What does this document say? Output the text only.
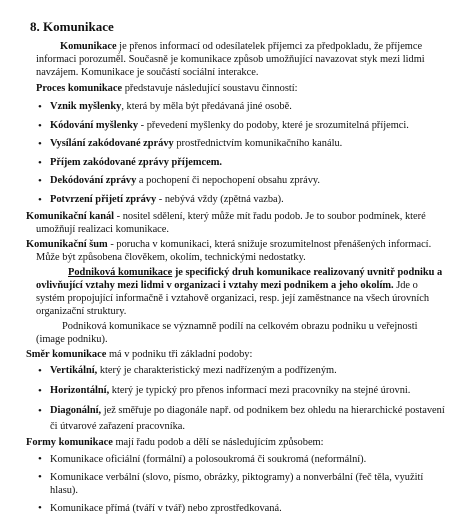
8. Komunikace

Komunikace je přenos informací od odesílatelek příjemci za předpokladu, že příjemce informaci porozumě́l. Současně je komunikace způsob umožňující navazovat styk mezi lidmi navzájem. Komunikace je součástí sociální interakce.

Proces komunikace představuje následující soustavu činností:

• Vznik myšlenky, která by měla být předávaná jiné osobě.
• Kódování myšlenky - převedení myšlenky do podoby, které je srozumitelná příjemci.
• Vysílání zakódované zprávy prostřednictvím komunikačního kanálu.
• Příjem zakódované zprávy příjemcem.
• Dekódování zprávy a pochopení či nepochopení obsahu zprávy.
• Potvrzení přijetí zprávy - nebývá vždy (zpětná vazba).

Komunikační kanál - nositel sdělení, který může mít řadu podob. Je to soubor podmínek, které umožňují realizaci komunikace.

Komunikační šum - porucha v komunikaci, která snižuje srozumitelnost přenášených informací. Může být způsobena člověkem, okolím, technickými nedostatky.

Podniková komunikace je specifický druh komunikace realizovaný uvnitř podniku a ovlivňující vztahy mezi lidmi v organizaci i vztahy mezi podnikem a jeho okolím. Jde o systém propojující informačně i vztahově organizaci, resp. její zaměstnance na všech úrovních organizační struktury.

Podniková komunikace se významně podílí na celkovém obrazu podniku u veřejnosti (image podniku).

Směr komunikace má v podniku tři základní podoby:

• Vertikální, který je charakteristický mezi nadřízeným a podřízeným.
• Horizontální, který je typický pro přenos informací mezi pracovníky na stejné úrovni.
• Diagonální, jež směřuje po diagonále např. od podnikem bez ohledu na hierarchické postavení či útvarové zařazení pracovníka.

Formy komunikace mají řadu podob a dělí se následujícím způsobem:

• Komunikace oficiální (formální) a polosoukromá či soukromá (neformální).
• Komunikace verbální (slovo, písmo, obrázky, piktogramy) a nonverbální (řeč těla, využití hlasu).
• Komunikace přímá (tváří v tvář) nebo zprostředkovaná.
